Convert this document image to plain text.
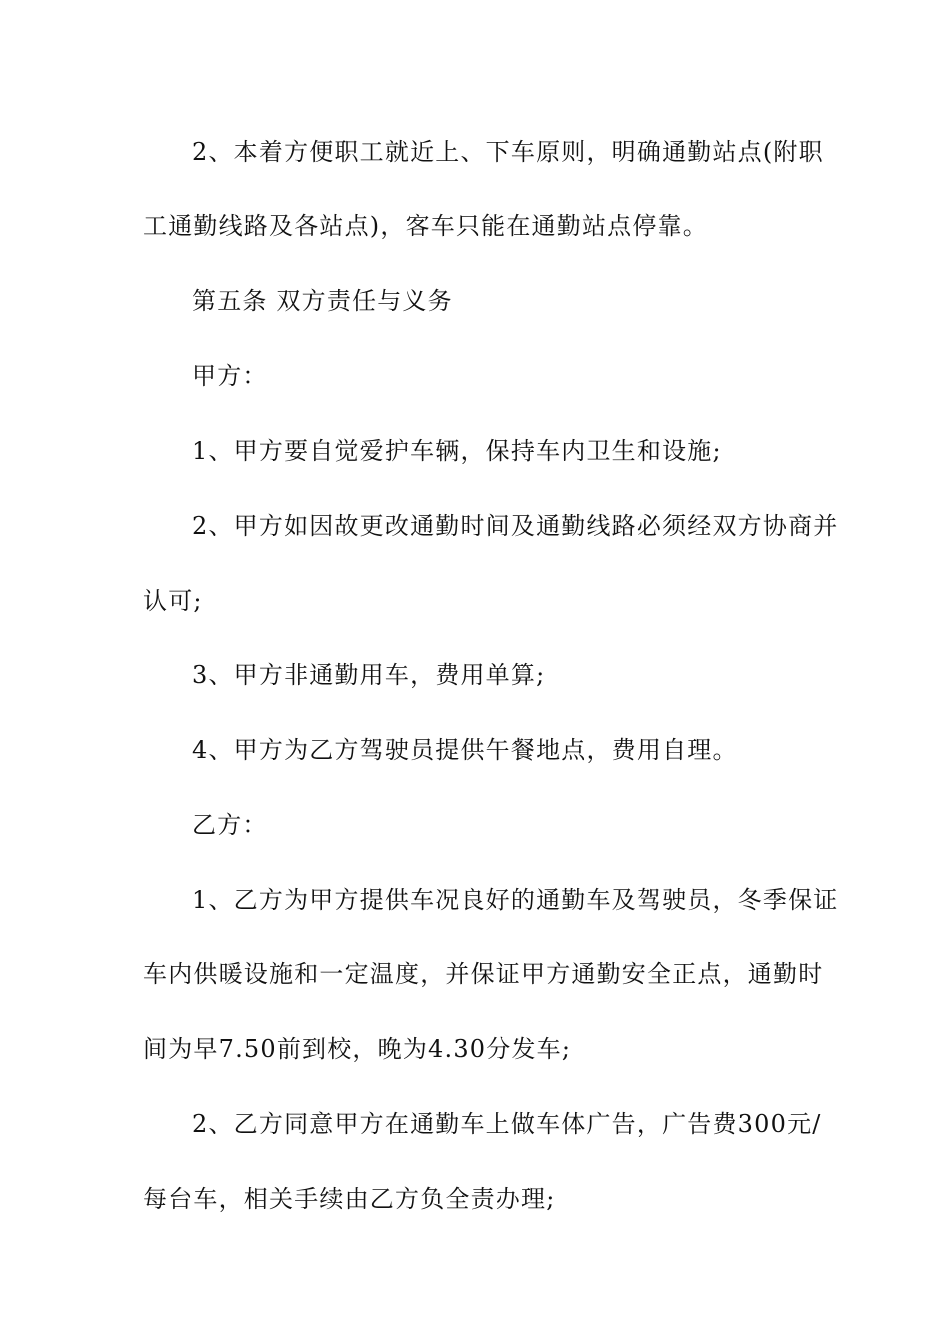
2、本着方便职工就近上、下车原则，明确通勤站点(附职
工通勤线路及各站点)，客车只能在通勤站点停靠。
第五条 双方责任与义务
甲方：
1、甲方要自觉爱护车辆，保持车内卫生和设施;
2、甲方如因故更改通勤时间及通勤线路必须经双方协商并
认可;
3、甲方非通勤用车，费用单算;
4、甲方为乙方驾驶员提供午餐地点，费用自理。
乙方：
1、乙方为甲方提供车况良好的通勤车及驾驶员，冬季保证
车内供暖设施和一定温度，并保证甲方通勤安全正点，通勤时
间为早7.50前到校，晚为4.30分发车;
2、乙方同意甲方在通勤车上做车体广告，广告费300元/
每台车，相关手续由乙方负全责办理;
